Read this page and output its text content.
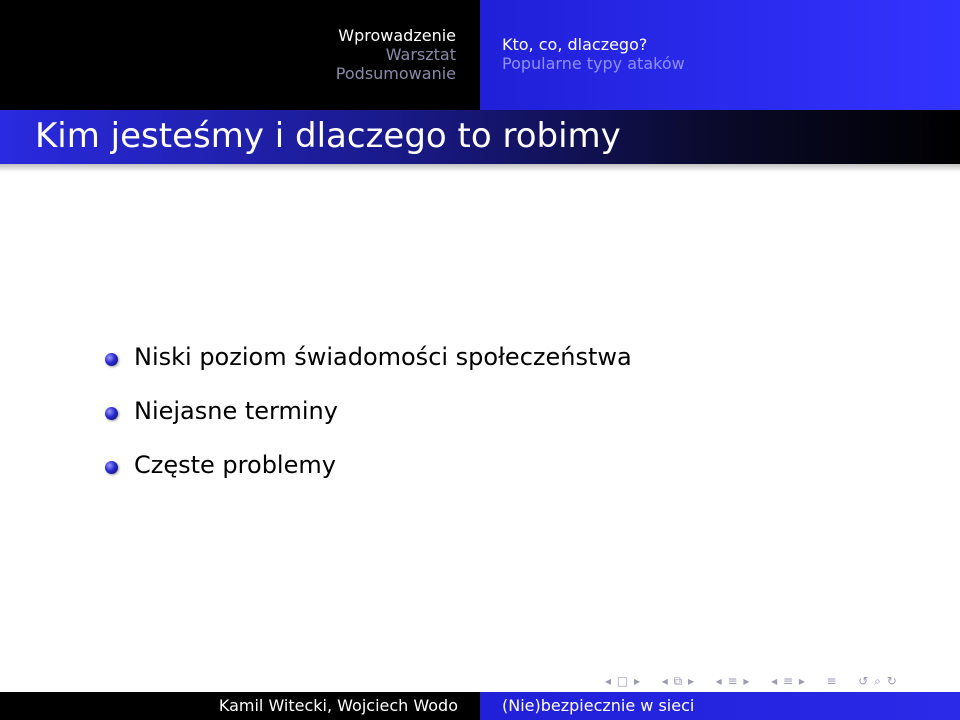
Wprowadzenie
Warsztat
Podsumowanie
Kto, co, dlaczego?
Popularne typy ataków
Kim jesteśmy i dlaczego to robimy
Niski poziom świadomości społeczeństwa
Niejasne terminy
Częste problemy
◂ □ ▸ ◂ ⧉ ▸ ◂ ≡ ▸ ◂ ≡ ▸ ≡ ↺ ⌕ ↻
Kamil Witecki, Wojciech Wodo	(Nie)bezpiecznie w sieci
